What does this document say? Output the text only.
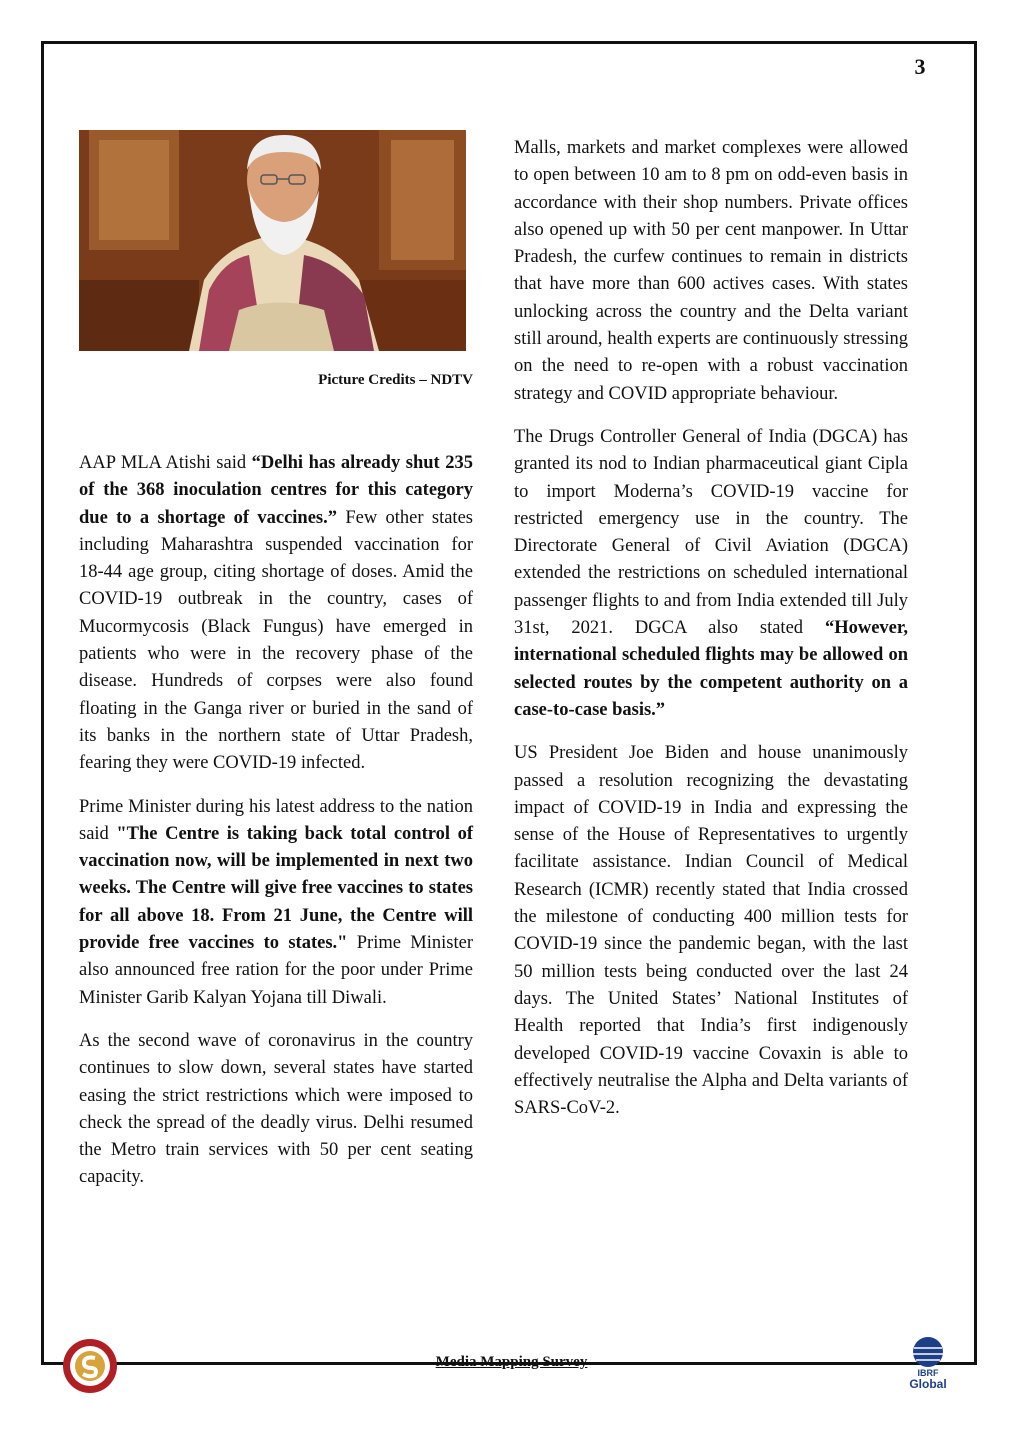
3
Picture Credits – NDTV

AAP MLA Atishi said “Delhi has already shut 235 of the 368 inoculation centres for this category due to a shortage of vaccines.” Few other states including Maharashtra suspended vaccination for 18-44 age group, citing shortage of doses. Amid the COVID-19 outbreak in the country, cases of Mucormycosis (Black Fungus) have emerged in patients who were in the recovery phase of the disease. Hundreds of corpses were also found floating in the Ganga river or buried in the sand of its banks in the northern state of Uttar Pradesh, fearing they were COVID-19 infected.

Prime Minister during his latest address to the nation said "The Centre is taking back total control of vaccination now, will be implemented in next two weeks. The Centre will give free vaccines to states for all above 18. From 21 June, the Centre will provide free vaccines to states." Prime Minister also announced free ration for the poor under Prime Minister Garib Kalyan Yojana till Diwali.

As the second wave of coronavirus in the country continues to slow down, several states have started easing the strict restrictions which were imposed to check the spread of the deadly virus. Delhi resumed the Metro train services with 50 per cent seating capacity.

Malls, markets and market complexes were allowed to open between 10 am to 8 pm on odd-even basis in accordance with their shop numbers. Private offices also opened up with 50 per cent manpower. In Uttar Pradesh, the curfew continues to remain in districts that have more than 600 actives cases. With states unlocking across the country and the Delta variant still around, health experts are continuously stressing on the need to re-open with a robust vaccination strategy and COVID appropriate behaviour.

The Drugs Controller General of India (DGCA) has granted its nod to Indian pharmaceutical giant Cipla to import Moderna’s COVID-19 vaccine for restricted emergency use in the country. The Directorate General of Civil Aviation (DGCA) extended the restrictions on scheduled international passenger flights to and from India extended till July 31st, 2021. DGCA also stated “However, international scheduled flights may be allowed on selected routes by the competent authority on a case-to-case basis.”

US President Joe Biden and house unanimously passed a resolution recognizing the devastating impact of COVID-19 in India and expressing the sense of the House of Representatives to urgently facilitate assistance. Indian Council of Medical Research (ICMR) recently stated that India crossed the milestone of conducting 400 million tests for COVID-19 since the pandemic began, with the last 50 million tests being conducted over the last 24 days. The United States’ National Institutes of Health reported that India’s first indigenously developed COVID-19 vaccine Covaxin is able to effectively neutralise the Alpha and Delta variants of SARS-CoV-2.

Media Mapping Survey
IBRF
Global
